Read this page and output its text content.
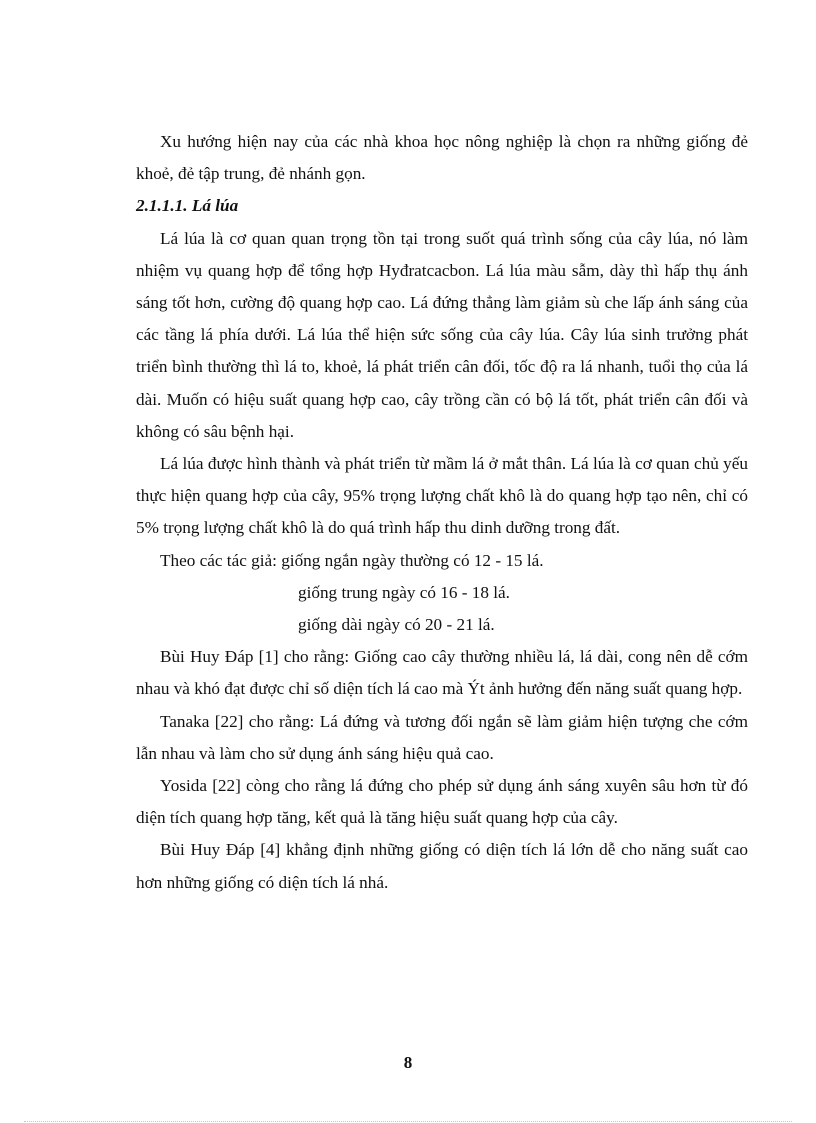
Xu hướng hiện nay của các nhà khoa học nông nghiệp là chọn ra những giống đẻ khoẻ, đẻ tập trung, đẻ nhánh gọn.

2.1.1.1. Lá lúa

Lá lúa là cơ quan quan trọng tồn tại trong suốt quá trình sống của cây lúa, nó làm nhiệm vụ quang hợp để tổng hợp Hyđratcacbon. Lá lúa màu sẫm, dày thì hấp thụ ánh sáng tốt hơn, cường độ quang hợp cao. Lá đứng thẳng làm giảm sù che lấp ánh sáng của các tầng lá phía dưới. Lá lúa thể hiện sức sống của cây lúa. Cây lúa sinh trưởng phát triển bình thường thì lá to, khoẻ, lá phát triển cân đối, tốc độ ra lá nhanh, tuổi thọ của lá dài. Muốn có hiệu suất quang hợp cao, cây trồng cần có bộ lá tốt, phát triển cân đối và không có sâu bệnh hại.

Lá lúa được hình thành và phát triển từ mầm lá ở mắt thân. Lá lúa là cơ quan chủ yếu thực hiện quang hợp của cây, 95% trọng lượng chất khô là do quang hợp tạo nên, chỉ có 5% trọng lượng chất khô là do quá trình hấp thu dinh dưỡng trong đất.

Theo các tác giả: giống ngắn ngày thường có 12 - 15 lá.

giống trung ngày có 16 - 18 lá.

giống dài ngày có 20 - 21 lá.

Bùi Huy Đáp [1] cho rằng: Giống cao cây thường nhiều lá, lá dài, cong nên dễ cớm nhau và khó đạt được chỉ số diện tích lá cao mà Ýt ảnh hưởng đến năng suất quang hợp.

Tanaka [22] cho rằng: Lá đứng và tương đối ngắn sẽ làm giảm hiện tượng che cớm lẫn nhau và làm cho sử dụng ánh sáng hiệu quả cao.

Yosida [22] còng cho rằng lá đứng cho phép sử dụng ánh sáng xuyên sâu hơn từ đó diện tích quang hợp tăng, kết quả là tăng hiệu suất quang hợp của cây.

Bùi Huy Đáp [4] khẳng định những giống có diện tích lá lớn dễ cho năng suất cao hơn những giống có diện tích lá nhá.

8
